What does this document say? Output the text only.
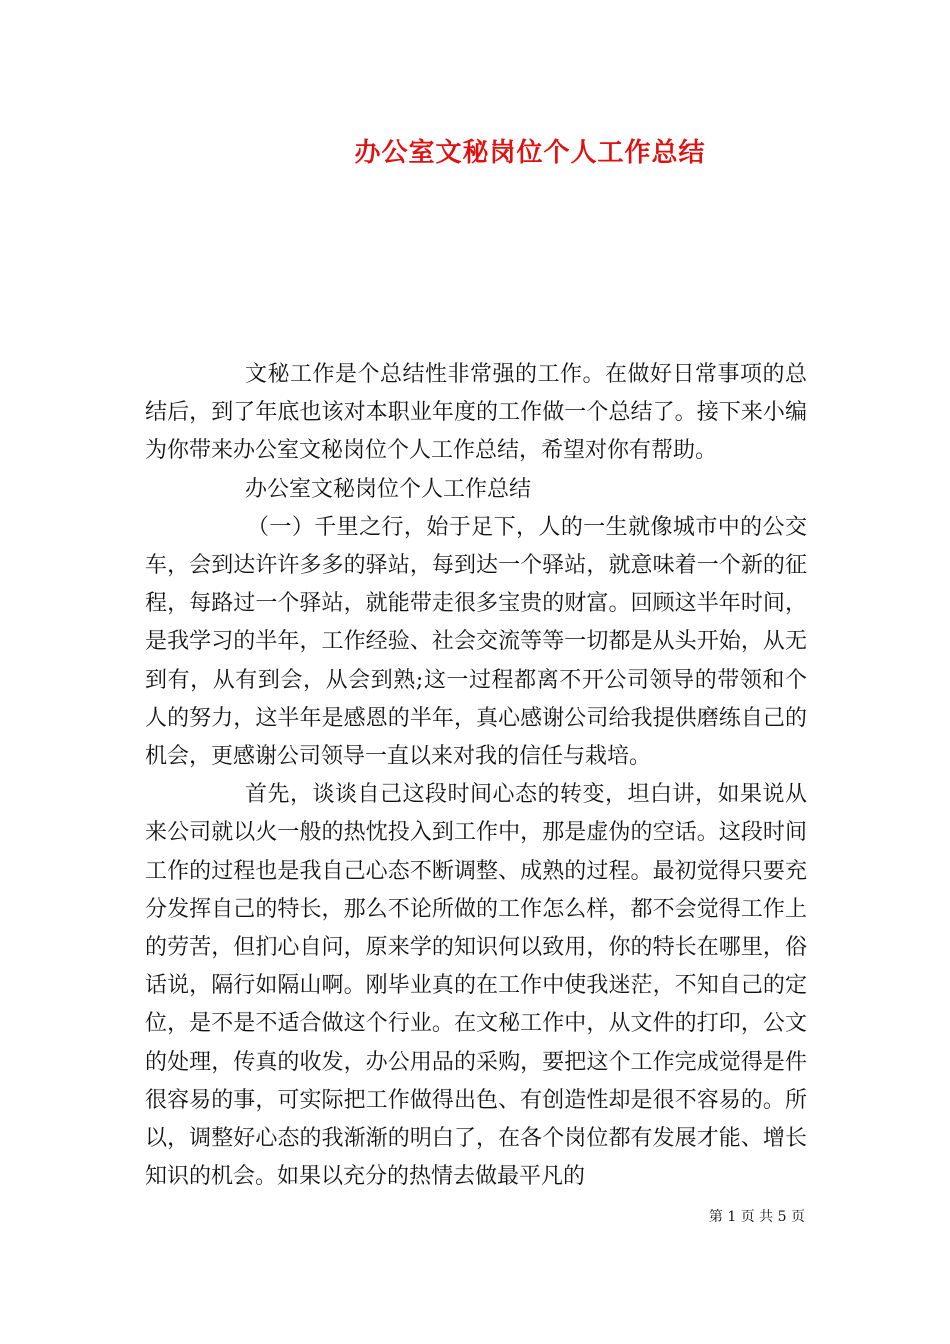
办公室文秘岗位个人工作总结

文秘工作是个总结性非常强的工作。在做好日常事项的总结后，到了年底也该对本职业年度的工作做一个总结了。接下来小编为你带来办公室文秘岗位个人工作总结，希望对你有帮助。

办公室文秘岗位个人工作总结

（一）千里之行，始于足下，人的一生就像城市中的公交车，会到达许许多多的驿站，每到达一个驿站，就意味着一个新的征程，每路过一个驿站，就能带走很多宝贵的财富。回顾这半年时间，是我学习的半年，工作经验、社会交流等等一切都是从头开始，从无到有，从有到会，从会到熟;这一过程都离不开公司领导的带领和个人的努力，这半年是感恩的半年，真心感谢公司给我提供磨练自己的机会，更感谢公司领导一直以来对我的信任与栽培。

首先，谈谈自己这段时间心态的转变，坦白讲，如果说从来公司就以火一般的热忱投入到工作中，那是虚伪的空话。这段时间工作的过程也是我自己心态不断调整、成熟的过程。最初觉得只要充分发挥自己的特长，那么不论所做的工作怎么样，都不会觉得工作上的劳苦，但扪心自问，原来学的知识何以致用，你的特长在哪里，俗话说，隔行如隔山啊。刚毕业真的在工作中使我迷茫，不知自己的定位，是不是不适合做这个行业。在文秘工作中，从文件的打印，公文的处理，传真的收发，办公用品的采购，要把这个工作完成觉得是件很容易的事，可实际把工作做得出色、有创造性却是很不容易的。所以，调整好心态的我渐渐的明白了，在各个岗位都有发展才能、增长知识的机会。如果以充分的热情去做最平凡的

第 1 页 共 5 页
